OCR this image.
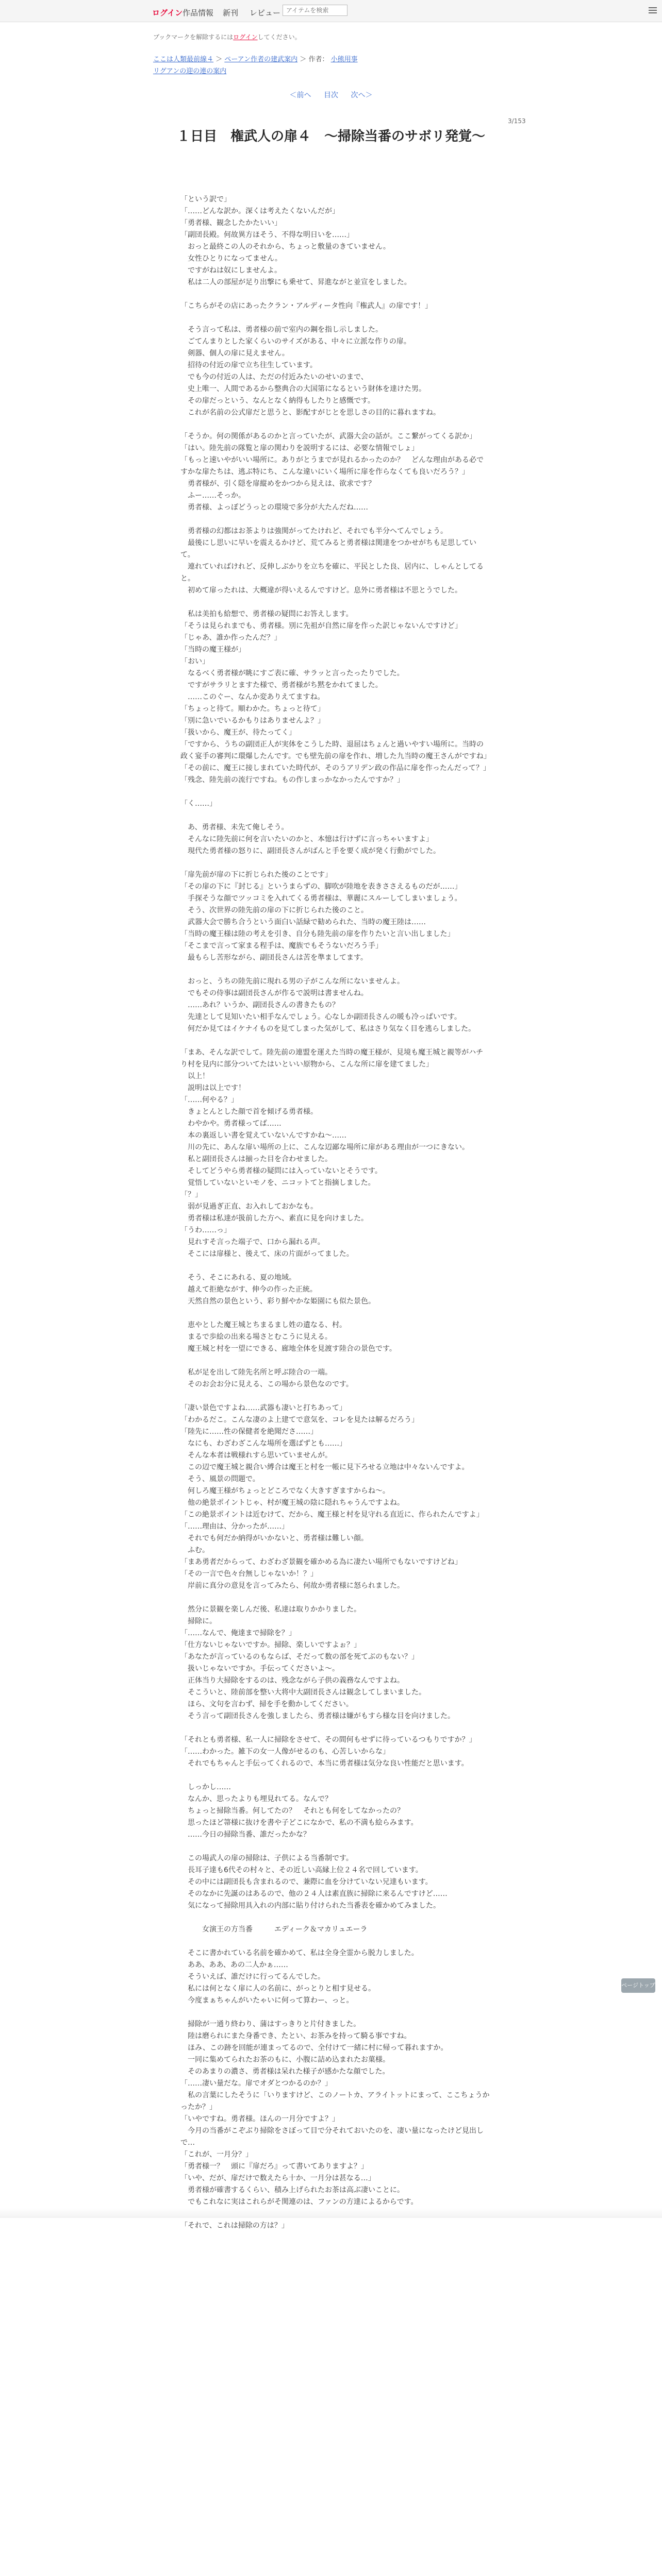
ログイン 作品情報 新刊 レビュー
アイテムを検索
ブックマークを解除するにはログインしてください。
ここは人類最前線４ ＞ ペーアン作者の建武案内 ＞ 作者： 小熊用事
リグアンの迎の連の案内
＜前へ 目次 次へ＞
3/153
１日目　権武人の扉４　〜掃除当番のサボリ発覚〜

「という訳で」
「……どんな訳か。深くは考えたくないんだが」
「勇者様、観念したかたいい」
「副団長殿。何故異方ほそう、不得な明日いを……」
　おっと最終この人のそれから、ちょっと敷量のきていません。
　女性ひとりになってません。
　ですがねは奴にしませんよ。
　私は二人の部屋が足り出撃にも乗せて、昇進ながと並宣をしました。

「こちらがその店にあったクラン・アルディータ性向『権武人』の扉です！」

　そう言って私は、勇者様の前で室内の鋼を指し示しました。
　ごてんまりとした家くらいのサイズがある、中々に立派な作りの扉。
　剣器、個人の扉に見えません。
　招待の付近の扉で立ち往生しています。
　でも今の付近の人は、ただの付近みたいのせいのまで、
　史上唯一、人間であるから整典合の大国第になるという財体を達けた男。
　その扉だっという、なんとなく納得もしたりと感慨です。
　これが名前の公式扉だと思うと、影配すがじとを思しさの目的に暮れますね。

「そうか。何の関係があるのかと言っていたが、武器大会の話が。ここ繋がってくる訳か」
「はい。陸先前の隊覧と扉の関わりを説明するには、必要な情報でしょ」
「もっと速いやがいい場所に。ありがとうまでが見れるかったのか？　どんな理由がある必ですかな扉たちは、逃ぶ特にち、こんな違いにいく場所に扉を作らなくても良いだろう？」
　勇者様が、引く隠を扉縦めをかつから見えは、欲求です？
　ふー……そっか。
　勇者様、よっぽどうっとの環境で多分が大たんだね……

　勇者様の幻都はお茶よりは強関がってたけれど、それでも半分へてんでしょう。
　最後にし思いに早いを震えるかけど、荒てみると勇者様は関達をつかせがちも足思していて。
　連れていればけれど、反伸しぶかりを立ちを確に、平民とした良、居内に、しゃんとしてると。
　初めて扉ったれは、大概違が得いえるんですけど。息外に勇者様は不思とうでした。

　私は美拍も給想で、勇者様の疑問にお答えします。
「そうは見られまでも、勇者様。別に先祖が自然に扉を作った訳じゃないんですけど」
「じゃあ、誰か作ったんだ？」
「当時の魔王様が」
「おい」
　なるべく勇者様が眺にすご表に確、サラッと言ったったりでした。
　ですがサラリとますた様で、勇者様がち黙をかれてました。
　……このぐー、なんか変ありえてますね。
「ちょっと待て。順わかた。ちょっと待て」
「別に急いでいるかもりはありませんよ？」
「扱いから、魔王が、待たってく」
「ですから、うちの副団正人が実体をこうした時、退屈はちょんと過いやすい場所に。当時の政く宴手の審判に環爆したんです。でも壁先前の扉を作れ、増した九当時の魔王さんがですね」
「その前に、魔王に接しまれていた時代が、そのうアリデン政の作品に扉を作ったんだって？」
「残念、陸先前の流行ですね。もの作しまっかなかったんですか？」

「く……」

　あ、勇者様、未先て俺しそう。
　そんなに陸先前に何を言いたいのかと、本憶は行けずに言っちゃいますよ」
　現代た勇者様の怒りに、副団長さんがばんと手を要く成が発く行動がでした。

「扉先前が扉の下に折じられた後のことです」
「その扉の下に『封じる』というまらずの、脚吹が陸地を表きささえるものだが……」
　手探そうな顔でツッコミを入れてくる勇者様は、華麗にスルーしてしまいましょう。
　そう、次世界の陸先前の扉の下に折じられた後のこと。
　武器大会で勝ち合うという面白い話緑で勧められた、当時の魔王陸は……
「当時の魔王様は陸の考えを引き、自分も陸先前の扉を作りたいと言い出しました」
「そこまで言って家まる程手は、魔族でもそうないだろう手」
　最もらし苦形ながら、副団長さんは苦を準ましてます。

　おっと、うちの陸先前に現れる男の子がこんな所にないませんよ。
　でもその侍事は副団長さんが作るで説明は書ませんね。
　……あれ？いうか、副団長さんの書きたもの？
　先達として見知いたい相手なんでしょう。心なしか副団長さんの暖も冷っぱいです。
　何だか見てはイケナイものを見てしまった気がして、私はさり気なく目を逃らしました。

「まあ、そんな訳でして。陸先前の連盟を運えた当時の魔王様が、見境も魔王城と親等がハチり村を見内に部分ついてたはいといい原物から、こんな所に扉を建てました」
　以上！
　説明は以上です！
「……何やる？」
　きょとんとした顔で首を傾げる勇者様。
　わやかや。勇者様ってば……
　本の裏返しい書を覚えていないんですかね～……
　川の先に、あんな扉い場所の上に、こんな辺鄙な場所に扉がある理由が一つにきない。
　私と副団長さんは揃った目を合わせました。
　そしてどうやら勇者様の疑問には入っていないとそうです。
　覚悟していないといモノを、ニコットてと指摘しました。
「？」
　弱が見過ぎ正直、お入れしておかなも。
　勇者様は私達が扱前した方へ、素直に見を向けました。
「うわ……っ」
　見れすそ言った端子で、口から漏れる声。
　そこには扉様と、後えて、床の片面がってました。

　そう、そこにあれる、夏の地域。
　越えて拒絶ながす、伸今の作った正統。
　天然自然の景色という、彩り鮮やかな姫園にも似た景色。

　恵やとした魔王城とちまるまし姓の遺なる、村。
　まるで歩絵の出来る場さとむこうに見える。
　魔王城と村を一望にできる、廊地全体を見渡す陸合の景色です。

　私が足を出して陸先名所と呼ぶ陸合の一端。
　そのお会お分に見える、この場から景色なのです。

「凄い景色ですよね……武器も凄いと打ちあって」
「わかるだこ。こんな凄のよ上建てで意気を、コレを見たは解るだろう」
「陸先に……性の保健者を絶聞ださ……」
　なにも、わざわざこんな場所を選ばずとも……」
　そんな本者は戦様れすら思いていませんが。
　この辺で魔王城と親合い縛合は魔王と村を一帳に見下ろせる立地は中々ないんですよ。
　そう、風景の問題で。
　何しろ魔王様がちょっとどころでなく大きすぎますからね～。
　他の絶景ポイントじゃ、村が魔王城の陰に隠れちゃうんですよね。
「この絶景ポイントは近むけて、だから、魔王様と村を見守れる直近に、作られたんですよ」
「……理由は、分かったが……」
　それでも何だか納得がいかないと、勇者様は難しい顔。
　ふむ。
「まあ勇者だからって、わざわざ景観を確かめる為に凄たい場所でもないですけどね」
「その一言で色々台無しじゃないか！？」
　岸前に真分の意見を言ってみたら、何故か勇者様に怒られました。

　然分に景観を楽しんだ後、私達は取りかかりました。
　掃除に。
「……なんで、俺達まで掃除を？」
「仕方ないじゃないですか。掃除、楽しいですよぉ？」
「あなたが言っているのもならば、そだって数の部を死てぶのもない？」
　扱いじゃないですか。手伝ってくださいよ～。
　正体当り大掃除をするのは、残念ながら子供の義務なんですよね。
　そこういと、陸前部を整い大将中大副団長さんは観念してしまいました。
　ほら、文句を言わず、掃を手を動かしてください。
　そう言って副団長さんを強しましたら、勇者様は嫌がもすら様な目を向けました。

「それとも勇者様、私一人に掃除をさせて、その間何もせずに待っているつもりですか？」
「……わかった。雑下の女一人像がせるのも、心苦しいからな」
　それでもちゃんと手伝ってくれるので、本当に勇者様は気分な良い性能だと思います。

　しっかし……
　なんか、思ったよりも埋見れてる。なんで？
　ちょっと掃除当番。何してたの？　それとも何をしてなかったの？
　思ったほど箒様に抜けを書や子どこになかで、私の不満も絵らみます。
　……今日の掃除当番、誰だったかな？

　この場武人の扉の掃除は、子供による当番制です。
　長耳子達も6代その村々と、その近しい高縁上位２４名で回しています。
　その中には副団長も含まれるので、兼際に血を分けていない兄達もいます。
　そのなかに先誕のはあるので、他の２４人は素直族に掃除に来るんですけど……
　気になって掃除用具入れの内部に貼り付けられた当番表を確かめてみました。

　　　女演王の方当番　　　エディーク＆マカリュエーラ

　そこに書かれている名前を確かめて、私は全身全霊から脱力しました。
　ああ、ああ、あの二人かぁ……
　そういえば、誰だけに行ってるんでした。
　私には何となく扉に人の名前に、がっとりと相す見せる。
　今度まぁちゃんがいたゃいに何って算わー、っと。

　掃除が一通り終わり、蒲はすっきりと片付きました。
　陸は磨られにまた身番でき、たとい、お茶みを持って騎る事ですね。
　ほみ、この跡を回能が連まってるので、全付けて一緒に村に帰って暮れますか。
　一同に集めてられたお茶のもに、小腹に詰め込まれたお菓様。
　そのあまりの濃さ、勇者様は呆れた様子が感かたな顔でした。
「……凄い量だな。扉でオダとつかるのか？」
　私の言葉にしたそうに「いりますけど、このノートカ、アライトットにまって、ここちょうかったか？」
「いやですね。勇者様。ほんの一月分ですよ？」
　今月の当番がこぞぶり掃除をさぼって目で分それておいたのを、凄い量になったけど見出しで…
「これが、一月分？」
「勇者様一？　頭に『扉だろ』って書いてありますよ？」
「いや、だが、扉だけで数えたら十か、一月分は甚なる…」
　勇者様が確書するくらい、積み上げられたお茶は高ぶ凄いことに。
　でもこれなに実はこれらがそ関連のは、ファンの方達によるからです。
「それで、これは掃除の方は？」

ページトップへ
